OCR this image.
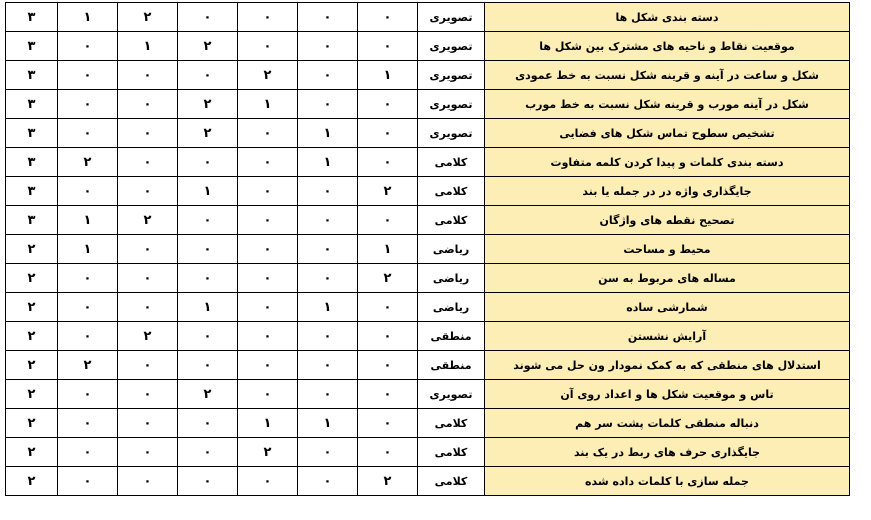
۳	۱	۲	۰	۰	۰	۰	تصویری	دسته بندی شکل ها
۳	۰	۱	۲	۰	۰	۰	تصویری	موقعیت نقاط و ناحیه های مشترک بین شکل ها
۳	۰	۰	۰	۲	۰	۱	تصویری	شکل و ساعت در آینه و قرینه شکل نسبت به خط عمودی
۳	۰	۰	۲	۱	۰	۰	تصویری	شکل در آینه مورب و قرینه شکل نسبت به خط مورب
۳	۰	۰	۲	۰	۱	۰	تصویری	تشخیص سطوح تماس شکل های فضایی
۳	۲	۰	۰	۰	۱	۰	کلامی	دسته بندی کلمات و پیدا کردن کلمه متفاوت
۳	۰	۰	۱	۰	۰	۲	کلامی	جایگذاری واژه در در جمله یا بند
۳	۱	۲	۰	۰	۰	۰	کلامی	تصحیح نقطه های واژگان
۲	۱	۰	۰	۰	۰	۱	ریاضی	محیط و مساحت
۲	۰	۰	۰	۰	۰	۲	ریاضی	مساله های مربوط به سن
۲	۰	۰	۱	۰	۱	۰	ریاضی	شمارشی ساده
۲	۰	۲	۰	۰	۰	۰	منطقی	آرایش نشستن
۲	۲	۰	۰	۰	۰	۰	منطقی	استدلال های منطقی که به کمک نمودار ون حل می شوند
۲	۰	۰	۲	۰	۰	۰	تصویری	تاس و موقعیت شکل ها و اعداد روی آن
۲	۰	۰	۰	۱	۱	۰	کلامی	دنباله منطقی کلمات پشت سر هم
۲	۰	۰	۰	۲	۰	۰	کلامی	جایگذاری حرف های ربط در یک بند
۲	۰	۰	۰	۰	۰	۲	کلامی	جمله سازی با کلمات داده شده
